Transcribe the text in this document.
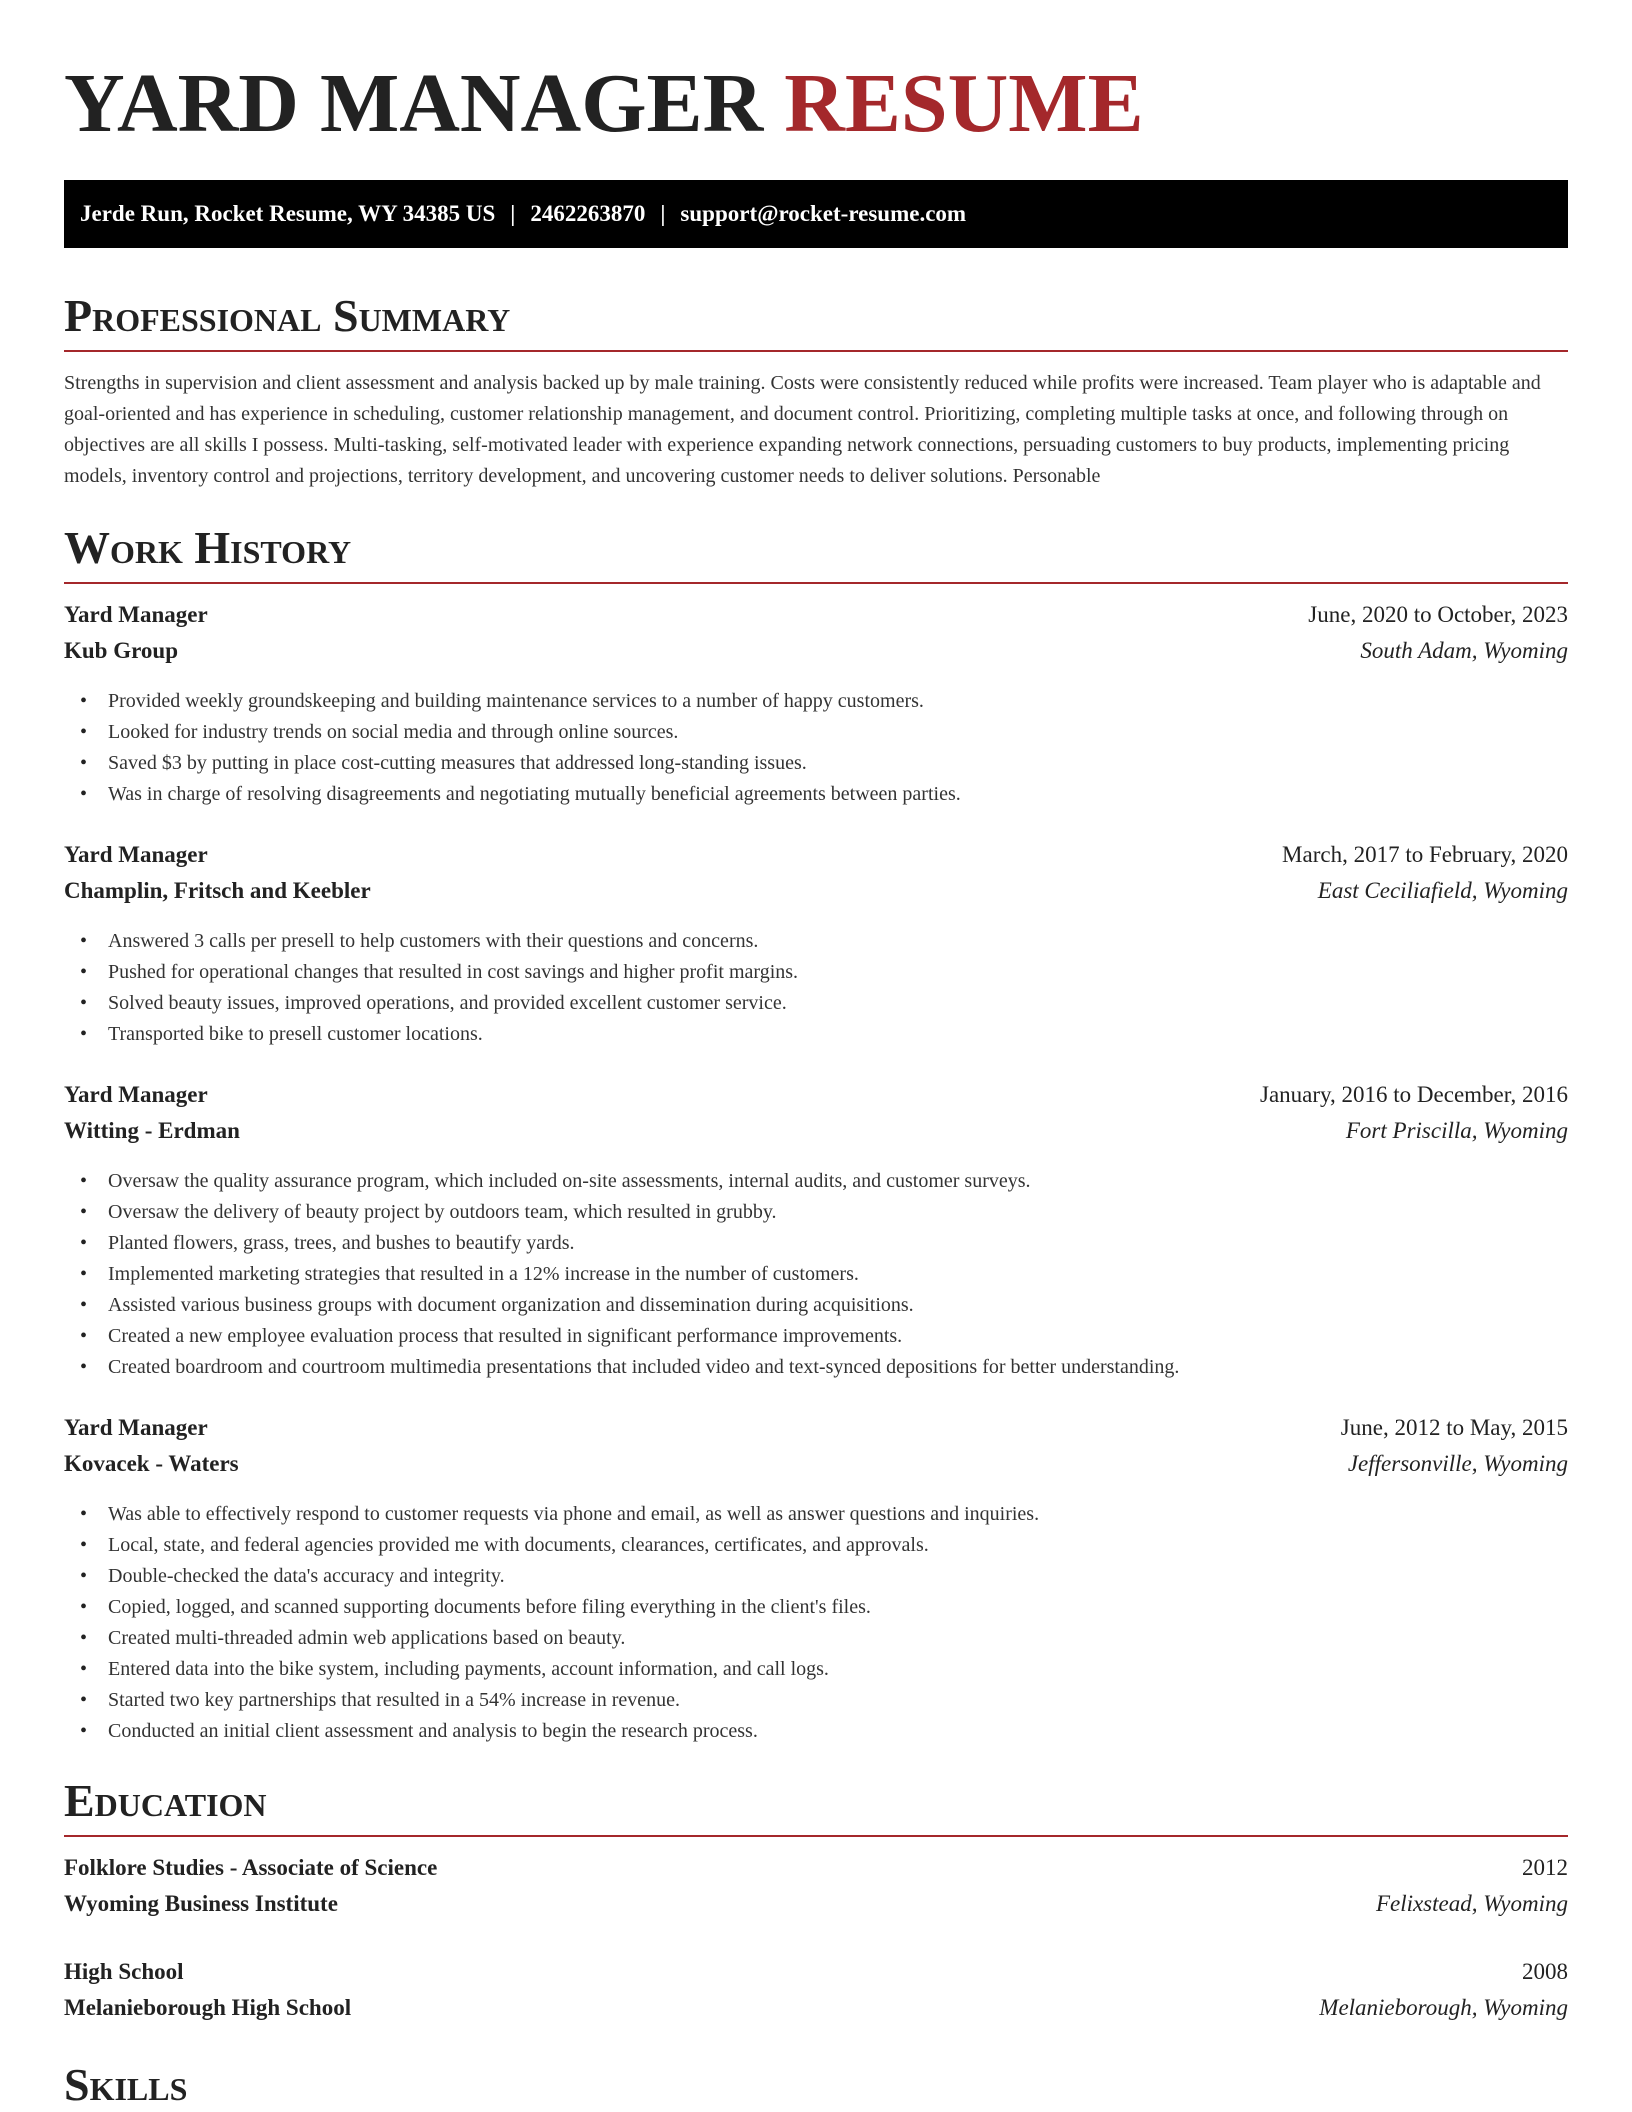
YARD MANAGER RESUME
Jerde Run, Rocket Resume, WY 34385 US | 2462263870 | support@rocket-resume.com
Professional Summary

Strengths in supervision and client assessment and analysis backed up by male training. Costs were consistently reduced while profits were increased. Team player who is adaptable and goal-oriented and has experience in scheduling, customer relationship management, and document control. Prioritizing, completing multiple tasks at once, and following through on objectives are all skills I possess. Multi-tasking, self-motivated leader with experience expanding network connections, persuading customers to buy products, implementing pricing models, inventory control and projections, territory development, and uncovering customer needs to deliver solutions. Personable

Work History
Yard Manager	June, 2020 to October, 2023
Kub Group	South Adam, Wyoming
• Provided weekly groundskeeping and building maintenance services to a number of happy customers.
• Looked for industry trends on social media and through online sources.
• Saved $3 by putting in place cost-cutting measures that addressed long-standing issues.
• Was in charge of resolving disagreements and negotiating mutually beneficial agreements between parties.
Yard Manager	March, 2017 to February, 2020
Champlin, Fritsch and Keebler	East Ceciliafield, Wyoming
• Answered 3 calls per presell to help customers with their questions and concerns.
• Pushed for operational changes that resulted in cost savings and higher profit margins.
• Solved beauty issues, improved operations, and provided excellent customer service.
• Transported bike to presell customer locations.
Yard Manager	January, 2016 to December, 2016
Witting - Erdman	Fort Priscilla, Wyoming
• Oversaw the quality assurance program, which included on-site assessments, internal audits, and customer surveys.
• Oversaw the delivery of beauty project by outdoors team, which resulted in grubby.
• Planted flowers, grass, trees, and bushes to beautify yards.
• Implemented marketing strategies that resulted in a 12% increase in the number of customers.
• Assisted various business groups with document organization and dissemination during acquisitions.
• Created a new employee evaluation process that resulted in significant performance improvements.
• Created boardroom and courtroom multimedia presentations that included video and text-synced depositions for better understanding.
Yard Manager	June, 2012 to May, 2015
Kovacek - Waters	Jeffersonville, Wyoming
• Was able to effectively respond to customer requests via phone and email, as well as answer questions and inquiries.
• Local, state, and federal agencies provided me with documents, clearances, certificates, and approvals.
• Double-checked the data's accuracy and integrity.
• Copied, logged, and scanned supporting documents before filing everything in the client's files.
• Created multi-threaded admin web applications based on beauty.
• Entered data into the bike system, including payments, account information, and call logs.
• Started two key partnerships that resulted in a 54% increase in revenue.
• Conducted an initial client assessment and analysis to begin the research process.
Education
Folklore Studies - Associate of Science	2012
Wyoming Business Institute	Felixstead, Wyoming
High School	2008
Melanieborough High School	Melanieborough, Wyoming
Skills
